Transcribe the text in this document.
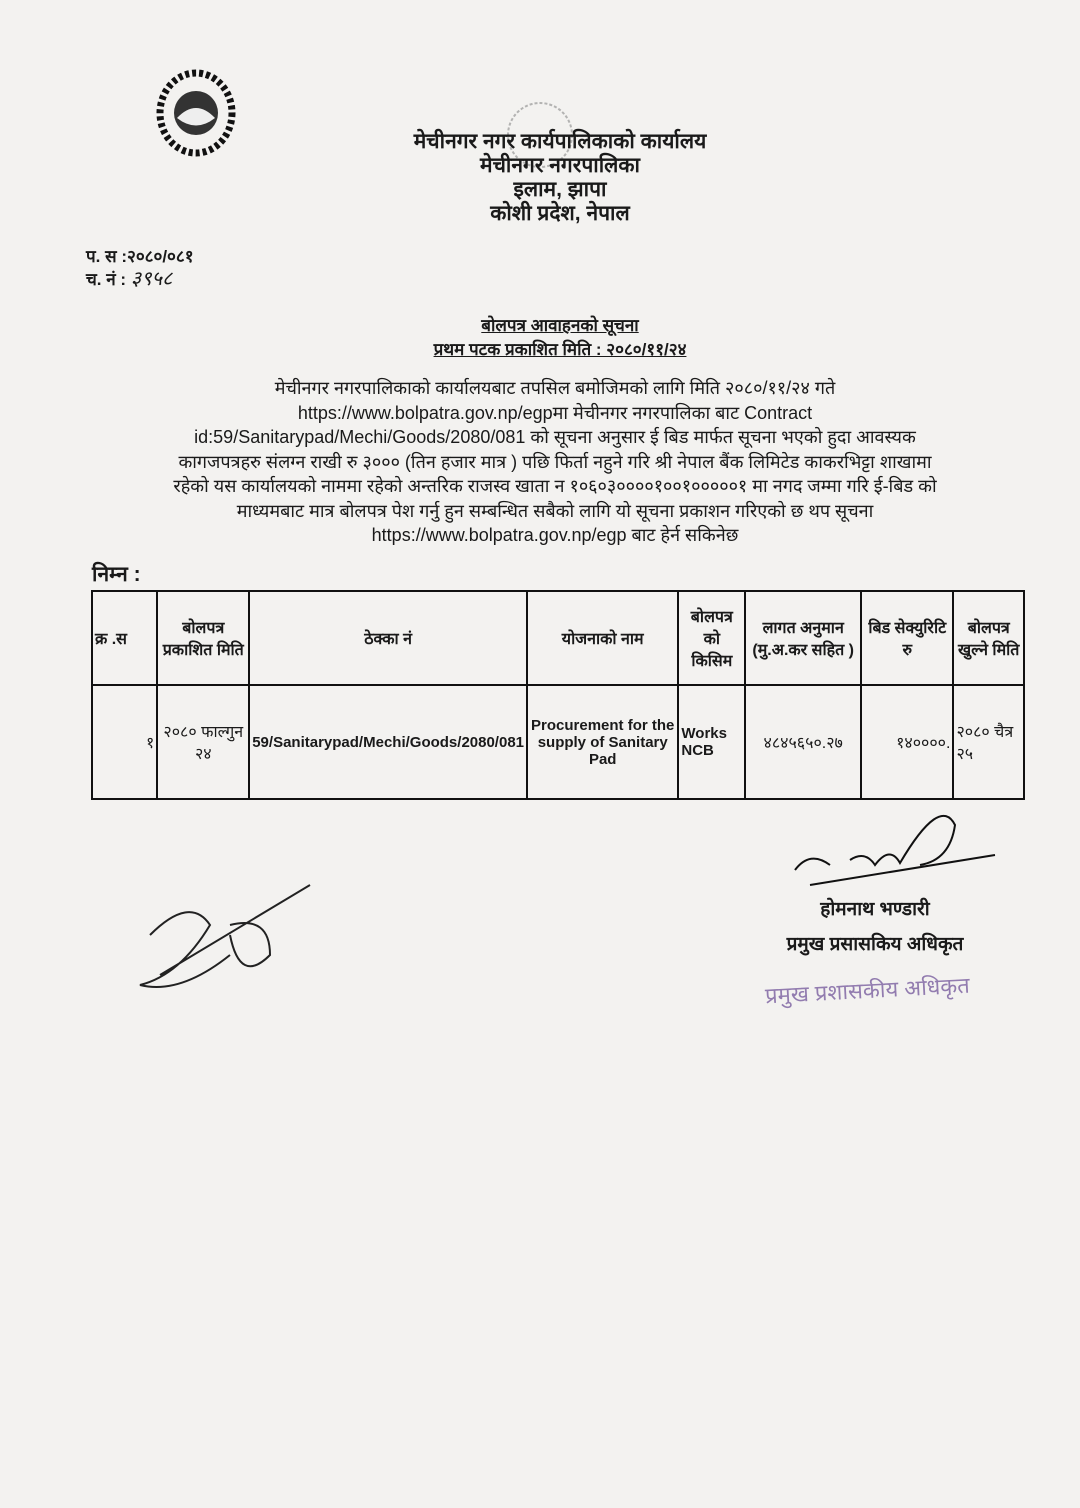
मेचीनगर नगर कार्यपालिकाको कार्यालय
मेचीनगर नगरपालिका
इलाम, झापा
कोशी प्रदेश, नेपाल
प. स :२०८०/०८१
च. नं : ३९५८
बोलपत्र आवाहनको सूचना
प्रथम पटक प्रकाशित मिति : २०८०/११/२४
मेचीनगर नगरपालिकाको कार्यालयबाट तपसिल बमोजिमको लागि मिति २०८०/११/२४ गते
https://www.bolpatra.gov.np/egpमा मेचीनगर नगरपालिका बाट Contract
id:59/Sanitarypad/Mechi/Goods/2080/081 को सूचना अनुसार ई बिड मार्फत सूचना भएको हुदा आवस्यक
कागजपत्रहरु संलग्न राखी रु ३००० (तिन हजार मात्र ) पछि फिर्ता नहुने गरि श्री नेपाल बैंक लिमिटेड काकरभिट्टा शाखामा
रहेको यस कार्यालयको नाममा रहेको अन्तरिक राजस्व खाता न १०६०३००००१००१०००००१ मा नगद जम्मा गरि ई-बिड को
माध्यमबाट मात्र बोलपत्र पेश गर्नु हुन सम्बन्धित सबैको लागि यो सूचना प्रकाशन गरिएको छ थप सूचना
https://www.bolpatra.gov.np/egp बाट हेर्न सकिनेछ
निम्न :
क्र .स	बोलपत्र प्रकाशित मिति	ठेक्का नं	योजनाको नाम	बोलपत्र को किसिम	लागत अनुमान (मु.अ.कर सहित )	बिड सेक्युरिटि रु	बोलपत्र खुल्ने मिति
१	२०८० फाल्गुन २४	59/Sanitarypad/Mechi/Goods/2080/081	Procurement for the supply of Sanitary Pad	Works NCB	४८४५६५०.२७	१४००००.	२०८० चैत्र २५
होमनाथ भण्डारी
प्रमुख प्रसासकिय अधिकृत
प्रमुख प्रशासकीय अधिकृत
